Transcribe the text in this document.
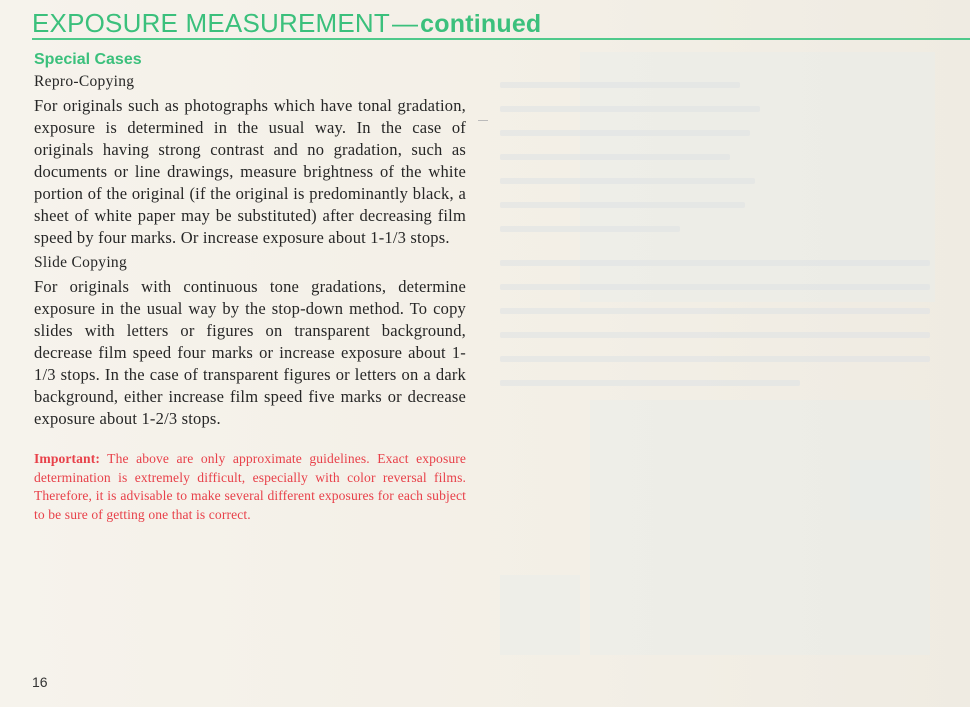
EXPOSURE MEASUREMENT—continued
Special Cases
Repro-Copying

For originals such as photographs which have tonal gradation, exposure is determined in the usual way. In the case of originals having strong contrast and no gradation, such as documents or line drawings, measure brightness of the white portion of the original (if the original is predominantly black, a sheet of white paper may be substituted) after decreasing film speed by four marks. Or increase exposure about 1-1/3 stops.

Slide Copying

For originals with continuous tone gradations, determine exposure in the usual way by the stop-down method. To copy slides with letters or figures on transparent background, decrease film speed four marks or increase exposure about 1-1/3 stops. In the case of transparent figures or letters on a dark background, either increase film speed five marks or decrease exposure about 1-2/3 stops.

Important: The above are only approximate guidelines. Exact exposure determination is extremely difficult, especially with color reversal films. Therefore, it is advisable to make several different exposures for each subject to be sure of getting one that is correct.
16
